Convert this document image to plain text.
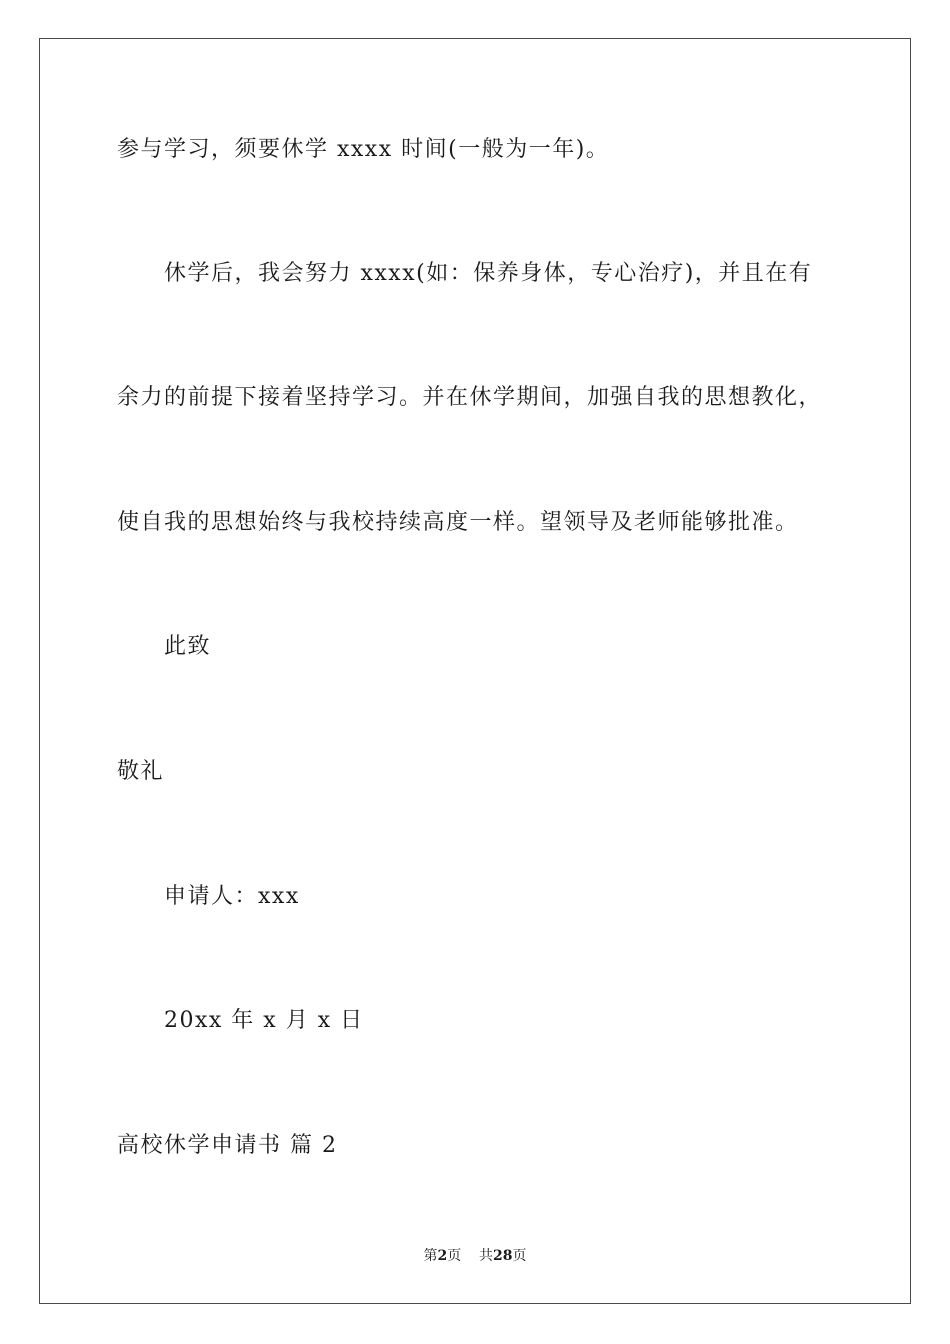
参与学习，须要休学 xxxx 时间(一般为一年)。
休学后，我会努力 xxxx(如：保养身体，专心治疗)，并且在有
余力的前提下接着坚持学习。并在休学期间，加强自我的思想教化，
使自我的思想始终与我校持续高度一样。望领导及老师能够批准。
此致
敬礼
申请人：xxx
20xx 年 x 月 x 日
高校休学申请书 篇 2
第2页 共28页
